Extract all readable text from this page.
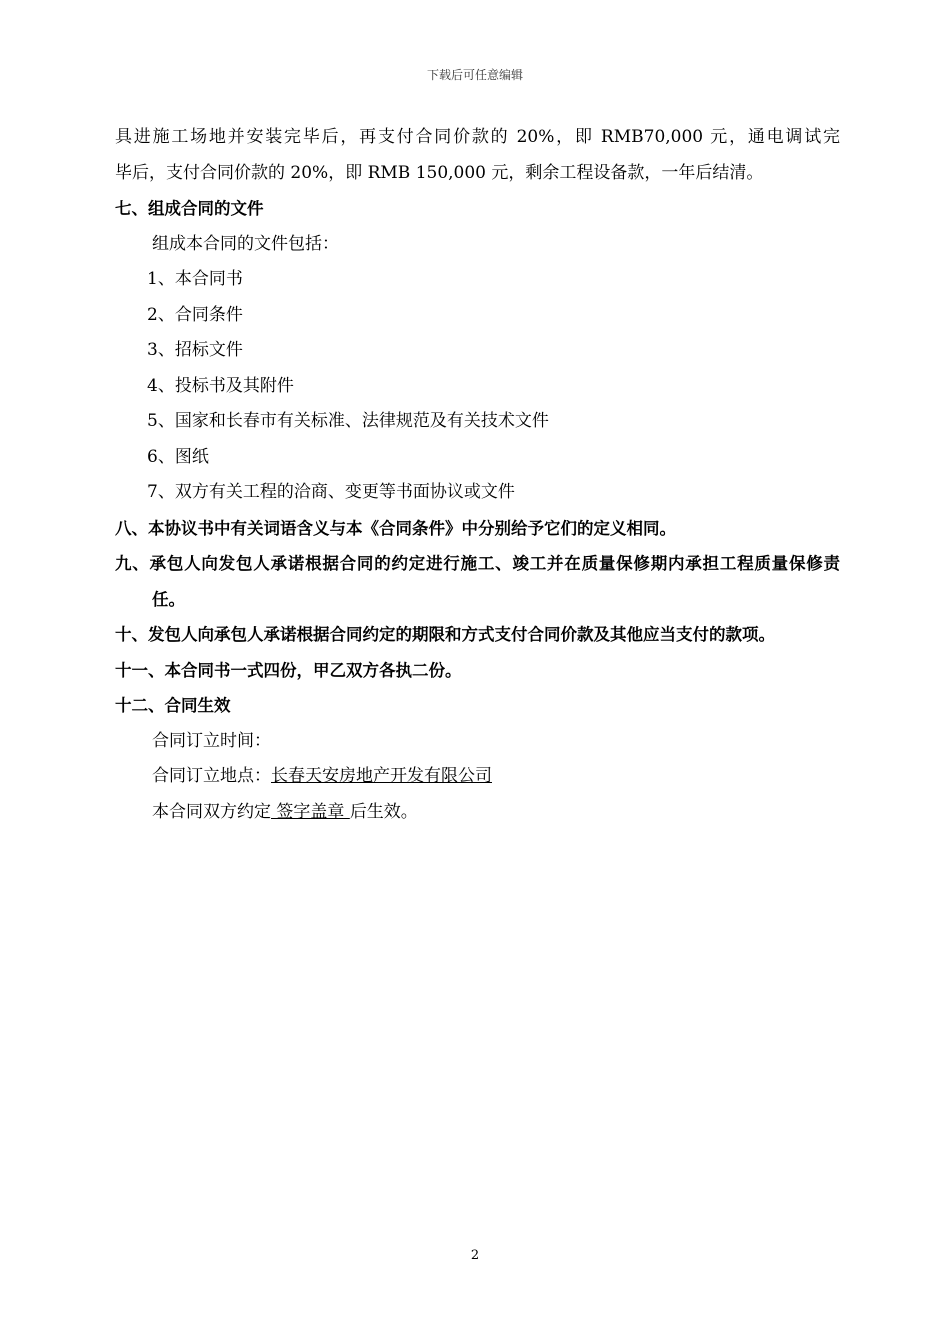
下载后可任意编辑
具进施工场地并安装完毕后，再支付合同价款的 20%，即 RMB70,000 元，通电调试完
毕后，支付合同价款的 20%，即 RMB 150,000 元，剩余工程设备款，一年后结清。
七、组成合同的文件
组成本合同的文件包括：
1、本合同书
2、合同条件
3、招标文件
4、投标书及其附件
5、国家和长春市有关标准、法律规范及有关技术文件
6、图纸
7、双方有关工程的洽商、变更等书面协议或文件
八、本协议书中有关词语含义与本《合同条件》中分别给予它们的定义相同。
九、承包人向发包人承诺根据合同的约定进行施工、竣工并在质量保修期内承担工程质量保修责任。
十、发包人向承包人承诺根据合同约定的期限和方式支付合同价款及其他应当支付的款项。
十一、本合同书一式四份，甲乙双方各执二份。
十二、合同生效
合同订立时间：
合同订立地点：长春天安房地产开发有限公司
本合同双方约定 签字盖章 后生效。
2
